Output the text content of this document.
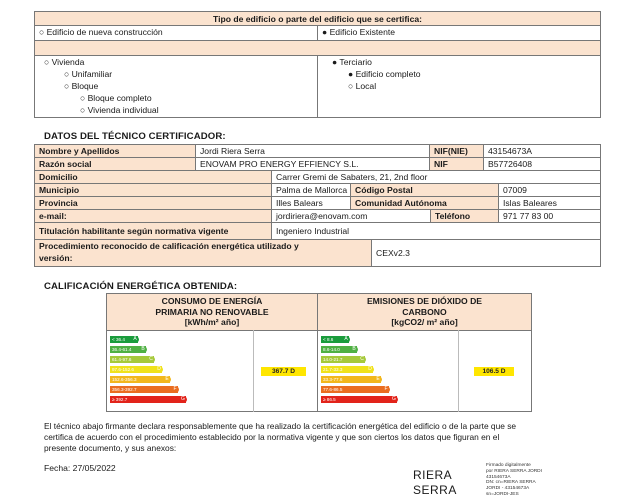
Tipo de edificio o parte del edificio que se certifica:
○ Edificio de nueva construcción	● Edificio Existente
○ Vivienda
○ Unifamiliar
○ Bloque
○ Bloque completo
○ Vivienda individual
● Terciario
● Edificio completo
○ Local
DATOS DEL TÉCNICO CERTIFICADOR:
Nombre y Apellidos	Jordi Riera Serra	NIF(NIE)	43154673A
Razón social	ENOVAM PRO ENERGY EFFIENCY S.L.	NIF	B57726408
Domicilio	Carrer Gremi de Sabaters, 21, 2nd floor
Municipio	Palma de Mallorca Código Postal	07009
Provincia	Illes Balears	Comunidad Autónoma	Islas Baleares
e-mail:	jordiriera@enovam.com	Teléfono	971 77 83 00
Titulación habilitante según normativa vigente	Ingeniero Industrial
Procedimiento reconocido de calificación energética utilizado y
versión:	CEXv2.3
CALIFICACIÓN ENERGÉTICA OBTENIDA:
CONSUMO DE ENERGÍA
PRIMARIA NO RENOVABLE
[kWh/m² año]
EMISIONES DE DIÓXIDO DE
CARBONO
[kgCO2/ m² año]
< 36.4	A
36.4-61.4	B
61.4-97.6	C
97.6-152.6	D
152.6-356.3	E
356.3-392.7	F
≥ 392.7	G
367.7 D
< 8.6	A
8.6-14.0	B
14.0-21.7	C
21.7-33.3	D
33.3-77.6	E
77.6-86.5	F
≥ 86.5	G
106.5 D
El técnico abajo firmante declara responsablemente que ha realizado la certificación energética del edificio o de la parte que se
certifica de acuerdo con el procedimiento establecido por la normativa vigente y que son ciertos los datos que figuran en el
presente documento, y sus anexos:
Fecha: 27/05/2022	RIERA
SERRA
Firmado digitalmente
por RIERA SERRA JORDI
43154673A
DN: cn=RIERA SERRA
JORDI - 43154673A
sn=JORDI-JES
